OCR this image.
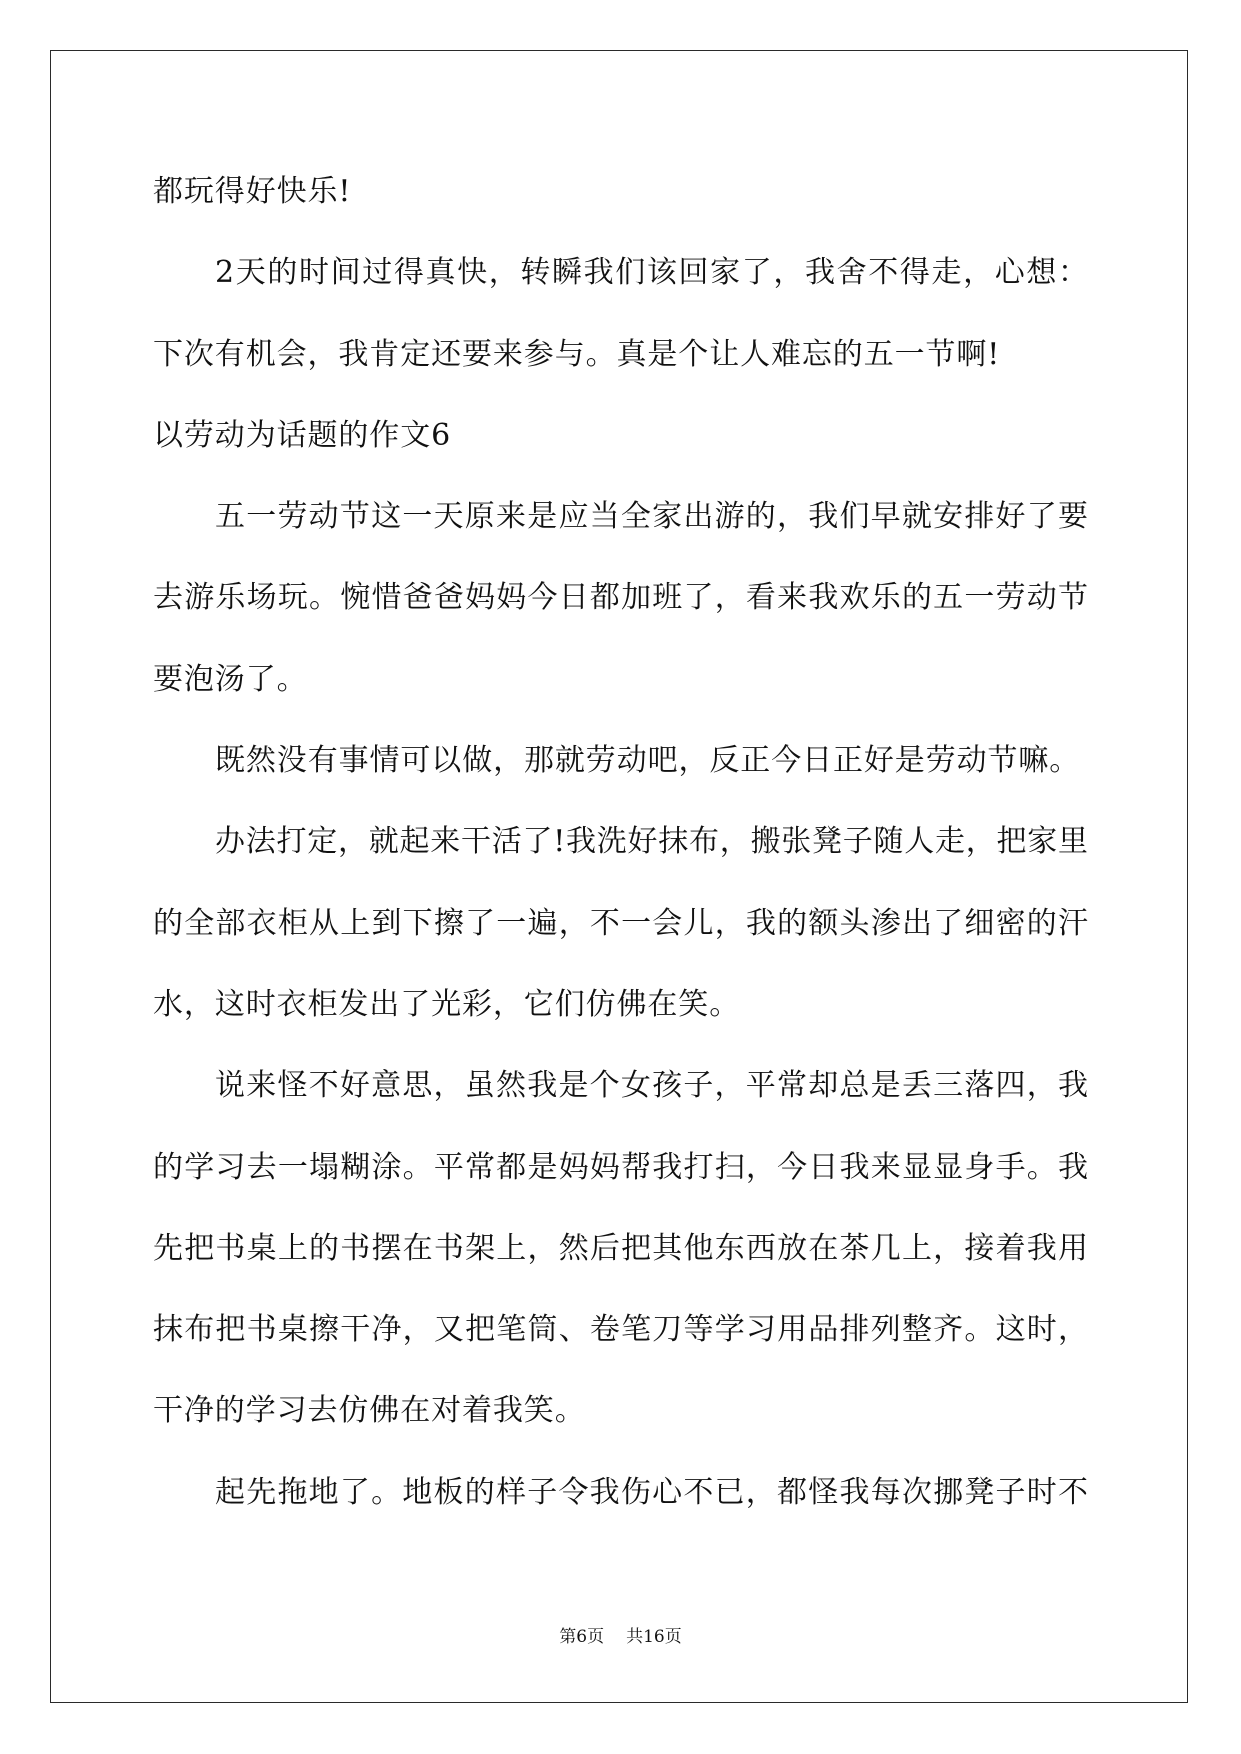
都玩得好快乐!
2天的时间过得真快，转瞬我们该回家了，我舍不得走，心想：
下次有机会，我肯定还要来参与。真是个让人难忘的五一节啊!
以劳动为话题的作文6
五一劳动节这一天原来是应当全家出游的，我们早就安排好了要
去游乐场玩。惋惜爸爸妈妈今日都加班了，看来我欢乐的五一劳动节
要泡汤了。
既然没有事情可以做，那就劳动吧，反正今日正好是劳动节嘛。
办法打定，就起来干活了!我洗好抹布，搬张凳子随人走，把家里
的全部衣柜从上到下擦了一遍，不一会儿，我的额头渗出了细密的汗
水，这时衣柜发出了光彩，它们仿佛在笑。
说来怪不好意思，虽然我是个女孩子，平常却总是丢三落四，我
的学习去一塌糊涂。平常都是妈妈帮我打扫，今日我来显显身手。我
先把书桌上的书摆在书架上，然后把其他东西放在茶几上，接着我用
抹布把书桌擦干净，又把笔筒、卷笔刀等学习用品排列整齐。这时，
干净的学习去仿佛在对着我笑。
起先拖地了。地板的样子令我伤心不已，都怪我每次挪凳子时不
第6页 共16页
